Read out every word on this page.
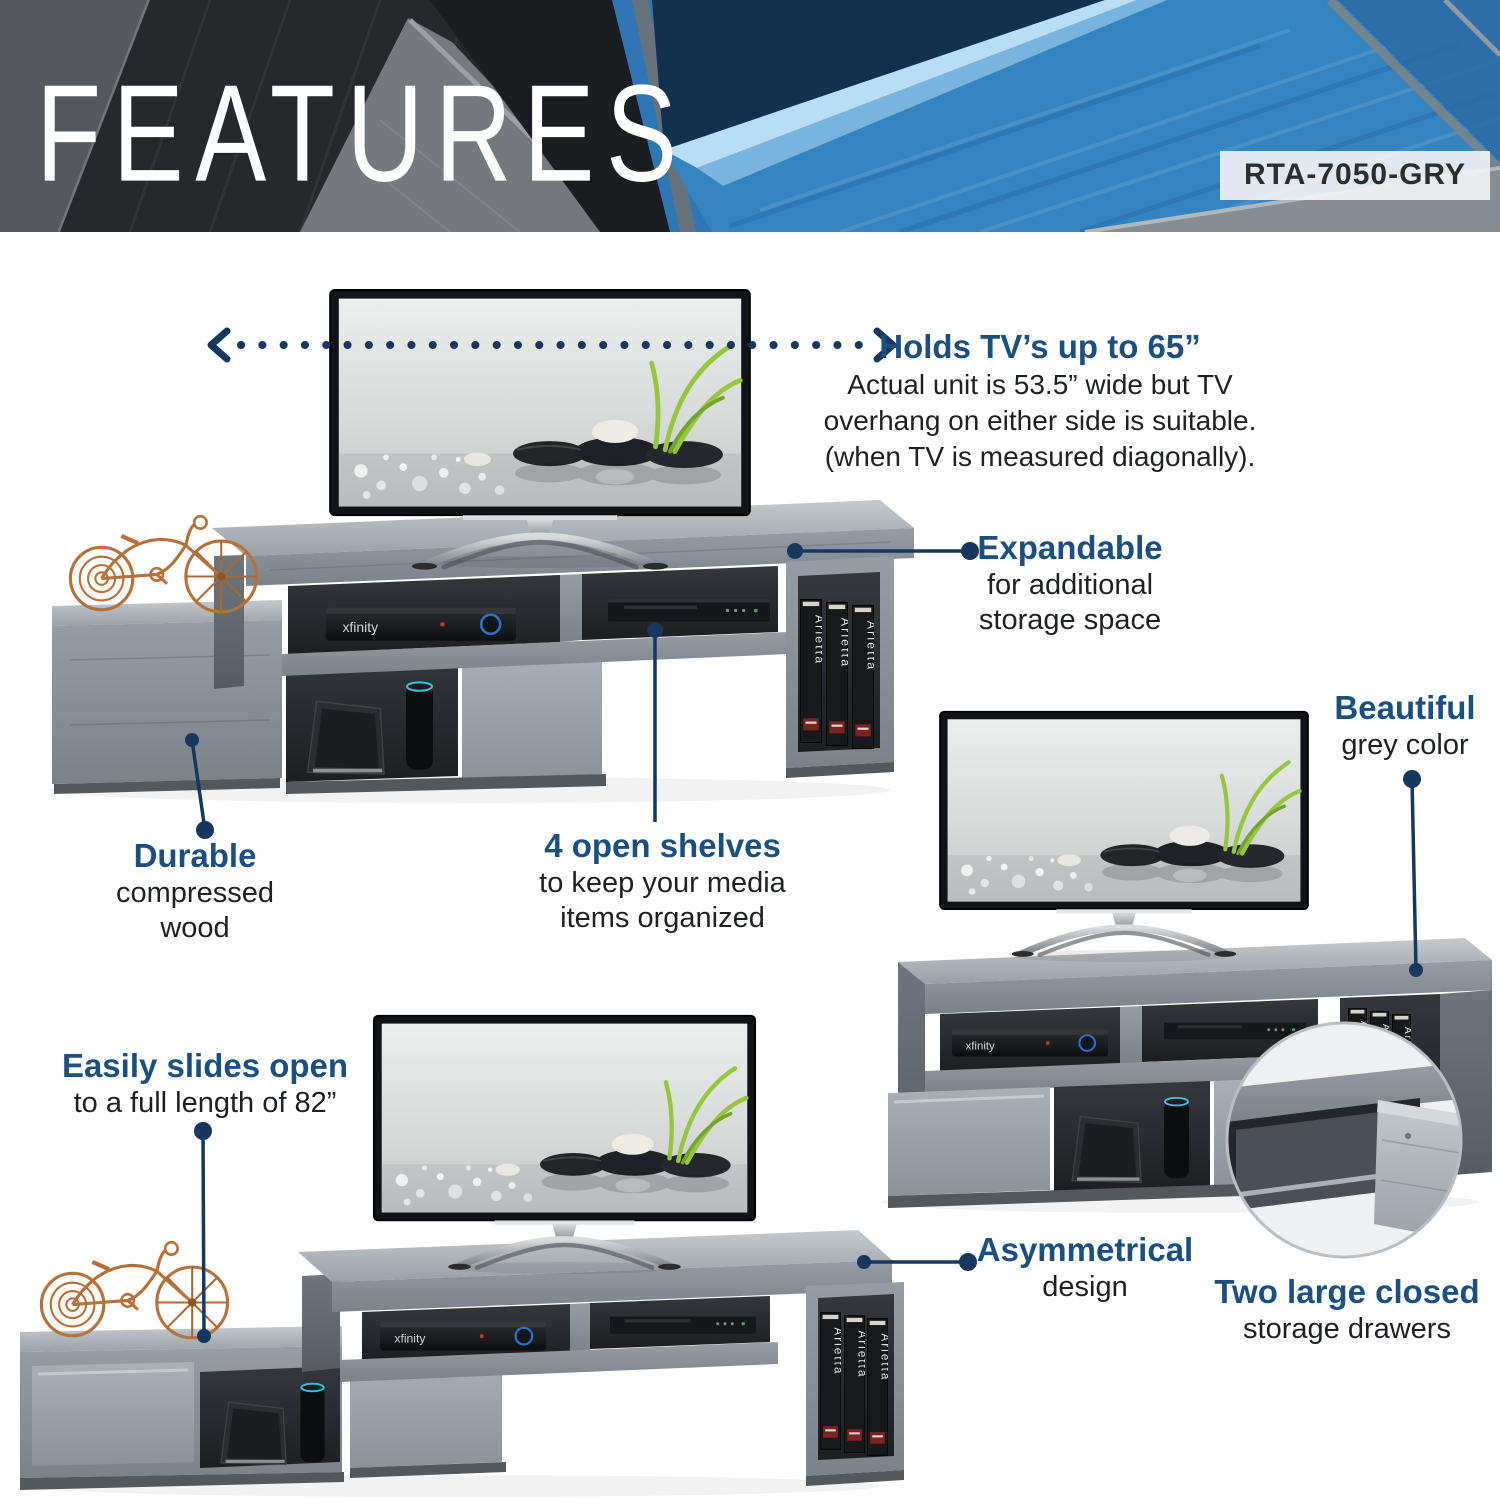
FEATURES	RTA-7050-GRY
Holds TV’s up to 65”
Actual unit is 53.5” wide but TV
overhang on either side is suitable.
(when TV is measured diagonally).
Expandable
for additional
storage space
Durable
compressed
wood
4 open shelves
to keep your media
items organized
Beautiful
grey color
Easily slides open
to a full length of 82”
Asymmetrical
design	Two large closed
storage drawers
